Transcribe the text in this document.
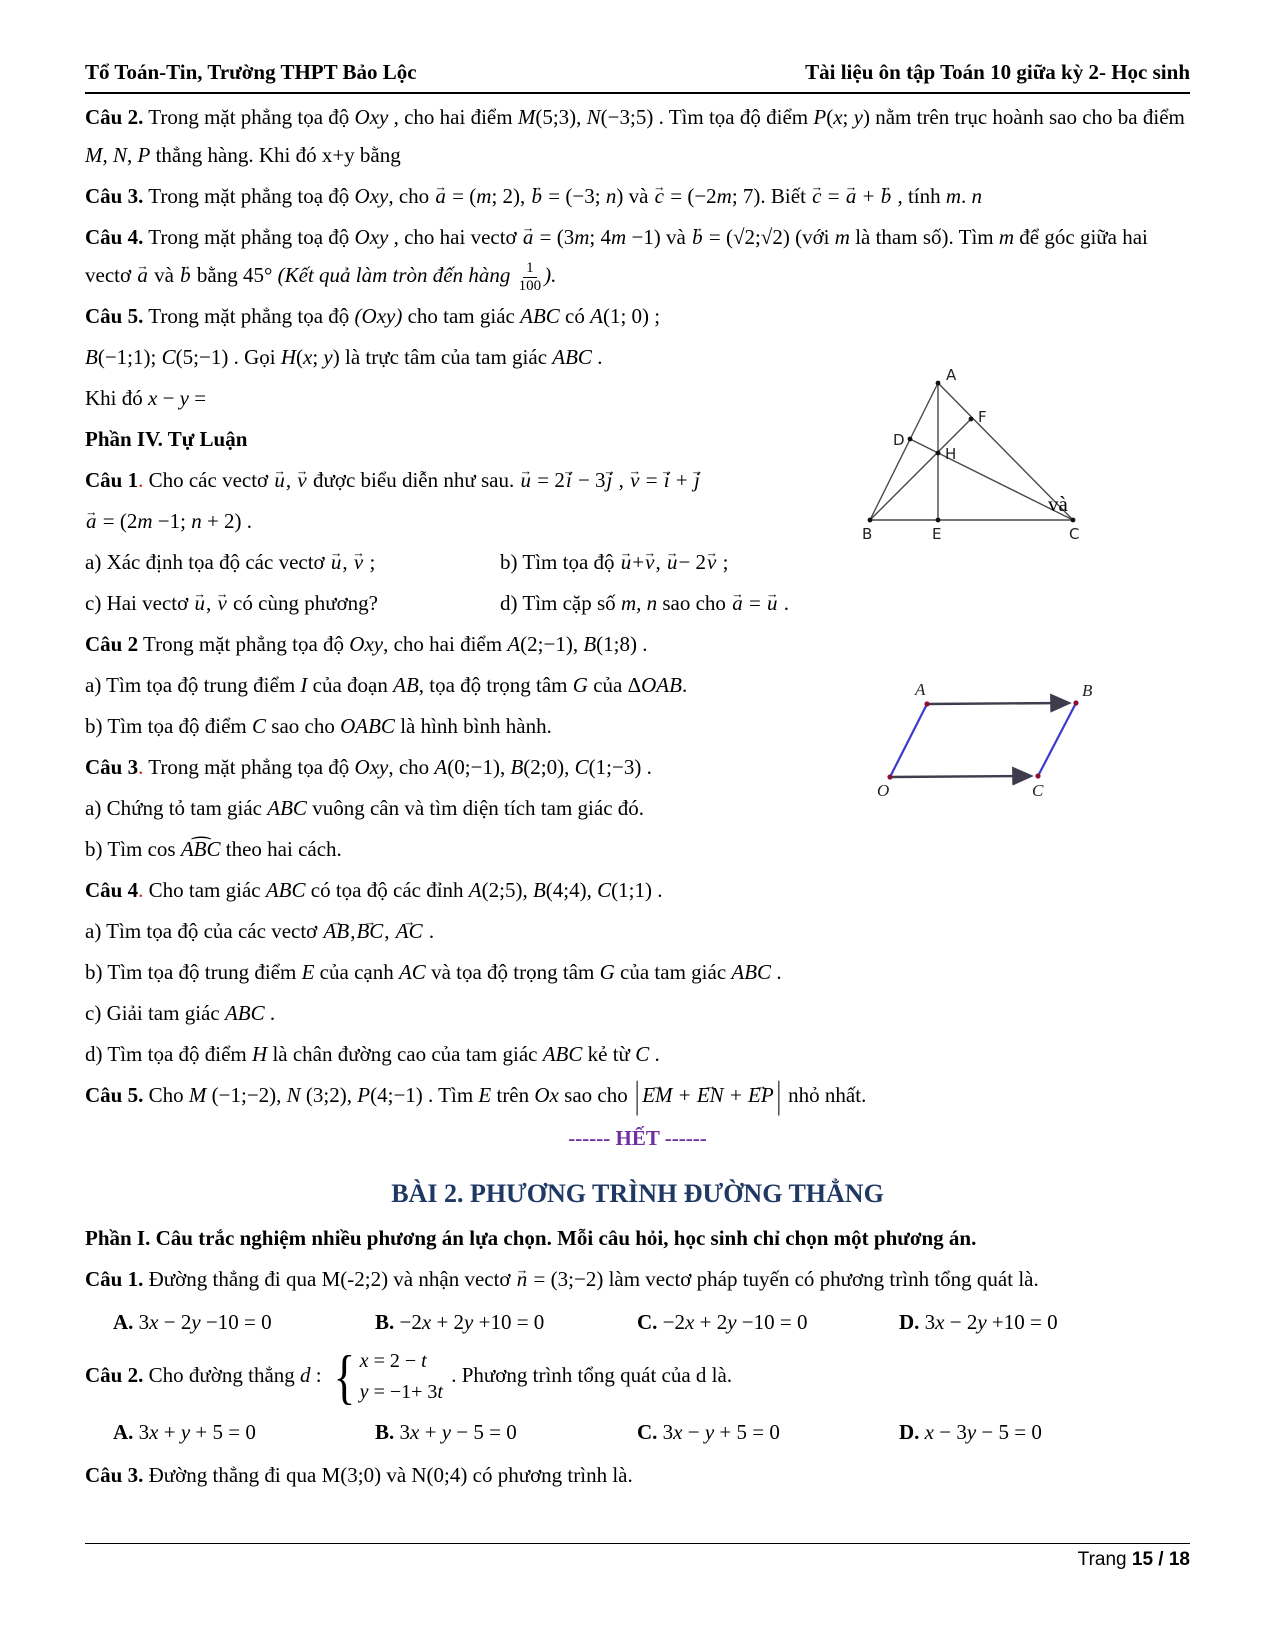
Tổ Toán-Tin, Trường THPT Bảo Lộc	Tài liệu ôn tập Toán 10 giữa kỳ 2- Học sinh
Câu 2. Trong mặt phẳng tọa độ Oxy , cho hai điểm M(5;3), N(−3;5) . Tìm tọa độ điểm P(x; y) nằm trên trục hoành sao cho ba điểm M, N, P thẳng hàng. Khi đó x+y bằng
Câu 3. Trong mặt phẳng toạ độ Oxy, cho a → = (m; 2), b → = (−3; n) và c → = (−2m; 7). Biết c → = a → + b → , tính m. n
Câu 4. Trong mặt phẳng toạ độ Oxy , cho hai vectơ a → = (3m; 4m −1) và b → = (√2;√2) (với m là tham số). Tìm m để góc giữa hai vectơ a → và b → bằng 45° (Kết quả làm tròn đến hàng $\frac{1}{100}$ ).
Câu 5. Trong mặt phẳng tọa độ (Oxy) cho tam giác ABC có A(1; 0) ;
B(−1;1); C(5;−1) . Gọi H(x; y) là trực tâm của tam giác ABC .
Khi đó x − y =
Phần IV. Tự Luận
Câu 1. Cho các vectơ u →, v → được biểu diễn như sau. u → = 2i → − 3j → , v → = i → + j →
a → = (2m −1; n + 2) .
a) Xác định tọa độ các vectơ u →, v → ;	b) Tìm tọa độ u →+v →, u →− 2v → ;
c) Hai vectơ u →, v → có cùng phương?	d) Tìm cặp số m, n sao cho a → = u → .
Câu 2 Trong mặt phẳng tọa độ Oxy, cho hai điểm A(2;−1), B(1;8) .
a) Tìm tọa độ trung điểm I của đoạn AB, tọa độ trọng tâm G của ΔOAB.
b) Tìm tọa độ điểm C sao cho OABC là hình bình hành.
Câu 3. Trong mặt phẳng tọa độ Oxy, cho A(0;−1), B(2;0), C(1;−3) .
a) Chứng tỏ tam giác ABC vuông cân và tìm diện tích tam giác đó.
b) Tìm cos ABC ⌢ theo hai cách.
Câu 4. Cho tam giác ABC có tọa độ các đỉnh A(2;5), B(4;4), C(1;1) .
a) Tìm tọa độ của các vectơ AB →,BC →, AC → .
b) Tìm tọa độ trung điểm E của cạnh AC và tọa độ trọng tâm G của tam giác ABC .
c) Giải tam giác ABC .
d) Tìm tọa độ điểm H là chân đường cao của tam giác ABC kẻ từ C .
Câu 5. Cho M (−1;−2), N (3;2), P(4;−1) . Tìm E trên Ox sao cho | EM → + EN → + EP → | nhỏ nhất.
------ HẾT ------
BÀI 2. PHƯƠNG TRÌNH ĐƯỜNG THẲNG
Phần I. Câu trắc nghiệm nhiều phương án lựa chọn. Mỗi câu hỏi, học sinh chỉ chọn một phương án.
Câu 1. Đường thẳng đi qua M(-2;2) và nhận vectơ n → = (3;−2) làm vectơ pháp tuyến có phương trình tổng quát là.
A. 3x − 2y −10 = 0	B. −2x + 2y +10 = 0	C. −2x + 2y −10 = 0	D. 3x − 2y +10 = 0
Câu 2. Cho đường thẳng d : { x = 2 − t
y = −1+ 3t
. Phương trình tổng quát của d là.
A. 3x + y + 5 = 0	B. 3x + y − 5 = 0	C. 3x − y + 5 = 0	D. x − 3y − 5 = 0
Câu 3. Đường thẳng đi qua M(3;0) và N(0;4) có phương trình là.
A
B	C
E
D
F
H
và
A	B
O	C
Trang 15 / 18
